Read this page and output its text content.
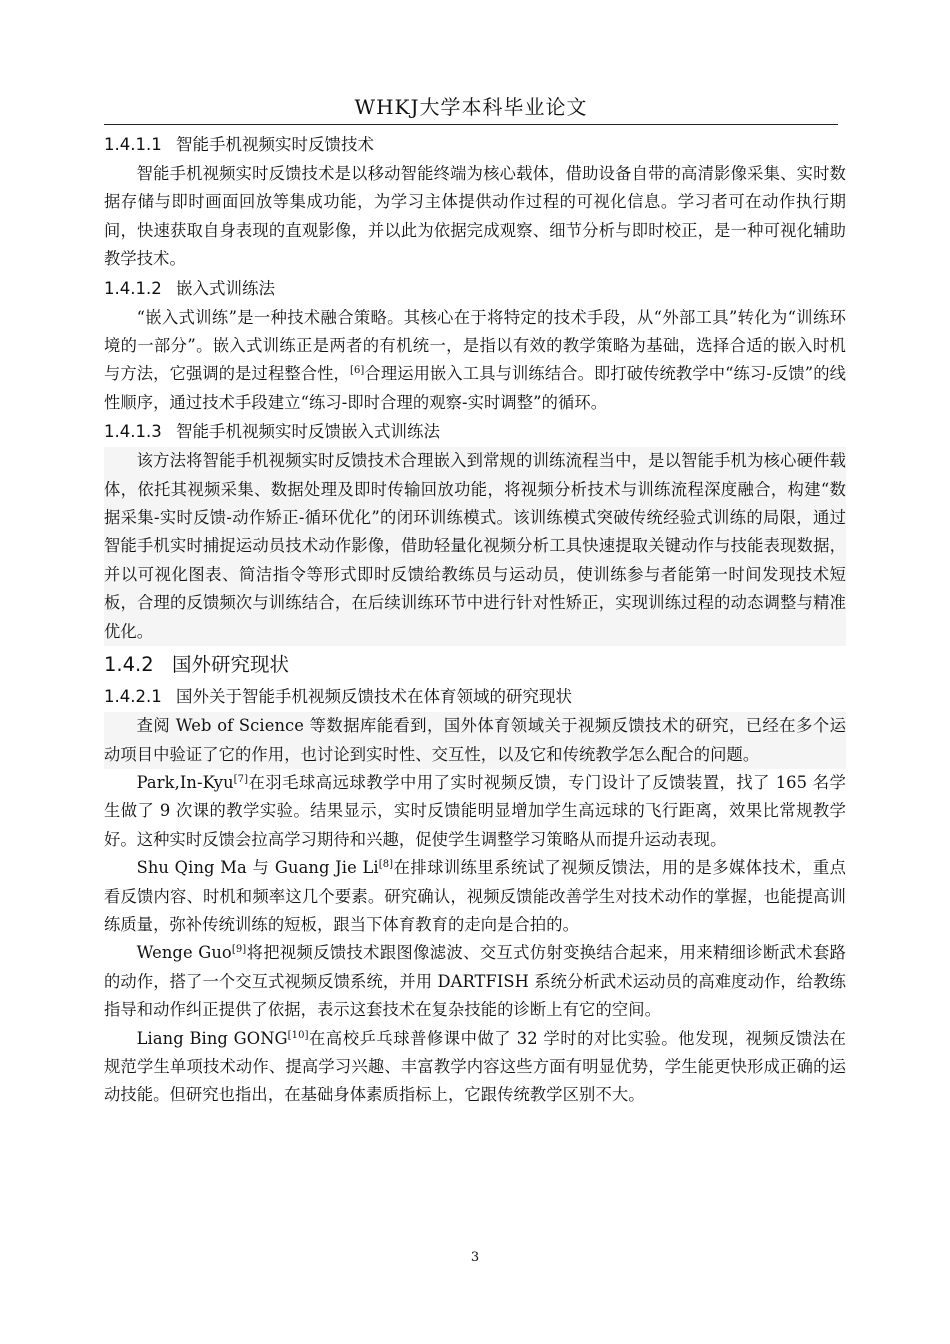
WHKJ大学本科毕业论文
1.4.1.1 智能手机视频实时反馈技术

智能手机视频实时反馈技术是以移动智能终端为核心载体，借助设备自带的高清影像采集、实时数据存储与即时画面回放等集成功能，为学习主体提供动作过程的可视化信息。学习者可在动作执行期间，快速获取自身表现的直观影像，并以此为依据完成观察、细节分析与即时校正，是一种可视化辅助教学技术。

1.4.1.2 嵌入式训练法

“嵌入式训练”是一种技术融合策略。其核心在于将特定的技术手段，从“外部工具”转化为“训练环境的一部分”。嵌入式训练正是两者的有机统一，是指以有效的教学策略为基础，选择合适的嵌入时机与方法，它强调的是过程整合性，[6]合理运用嵌入工具与训练结合。即打破传统教学中“练习-反馈”的线性顺序，通过技术手段建立“练习-即时合理的观察-实时调整”的循环。

1.4.1.3 智能手机视频实时反馈嵌入式训练法

该方法将智能手机视频实时反馈技术合理嵌入到常规的训练流程当中，是以智能手机为核心硬件载体，依托其视频采集、数据处理及即时传输回放功能，将视频分析技术与训练流程深度融合，构建“数据采集-实时反馈-动作矫正-循环优化”的闭环训练模式。该训练模式突破传统经验式训练的局限，通过智能手机实时捕捉运动员技术动作影像，借助轻量化视频分析工具快速提取关键动作与技能表现数据，并以可视化图表、简洁指令等形式即时反馈给教练员与运动员，使训练参与者能第一时间发现技术短板，合理的反馈频次与训练结合，在后续训练环节中进行针对性矫正，实现训练过程的动态调整与精准优化。

1.4.2 国外研究现状
1.4.2.1 国外关于智能手机视频反馈技术在体育领域的研究现状

查阅 Web of Science 等数据库能看到，国外体育领域关于视频反馈技术的研究，已经在多个运动项目中验证了它的作用，也讨论到实时性、交互性，以及它和传统教学怎么配合的问题。

Park,In-Kyu[7]在羽毛球高远球教学中用了实时视频反馈，专门设计了反馈装置，找了 165 名学生做了 9 次课的教学实验。结果显示，实时反馈能明显增加学生高远球的飞行距离，效果比常规教学好。这种实时反馈会拉高学习期待和兴趣，促使学生调整学习策略从而提升运动表现。

Shu Qing Ma 与 Guang Jie Li[8]在排球训练里系统试了视频反馈法，用的是多媒体技术，重点看反馈内容、时机和频率这几个要素。研究确认，视频反馈能改善学生对技术动作的掌握，也能提高训练质量，弥补传统训练的短板，跟当下体育教育的走向是合拍的。

Wenge Guo[9]将把视频反馈技术跟图像滤波、交互式仿射变换结合起来，用来精细诊断武术套路的动作，搭了一个交互式视频反馈系统，并用 DARTFISH 系统分析武术运动员的高难度动作，给教练指导和动作纠正提供了依据，表示这套技术在复杂技能的诊断上有它的空间。

Liang Bing GONG[10]在高校乒乓球普修课中做了 32 学时的对比实验。他发现，视频反馈法在规范学生单项技术动作、提高学习兴趣、丰富教学内容这些方面有明显优势，学生能更快形成正确的运动技能。但研究也指出，在基础身体素质指标上，它跟传统教学区别不大。

3
